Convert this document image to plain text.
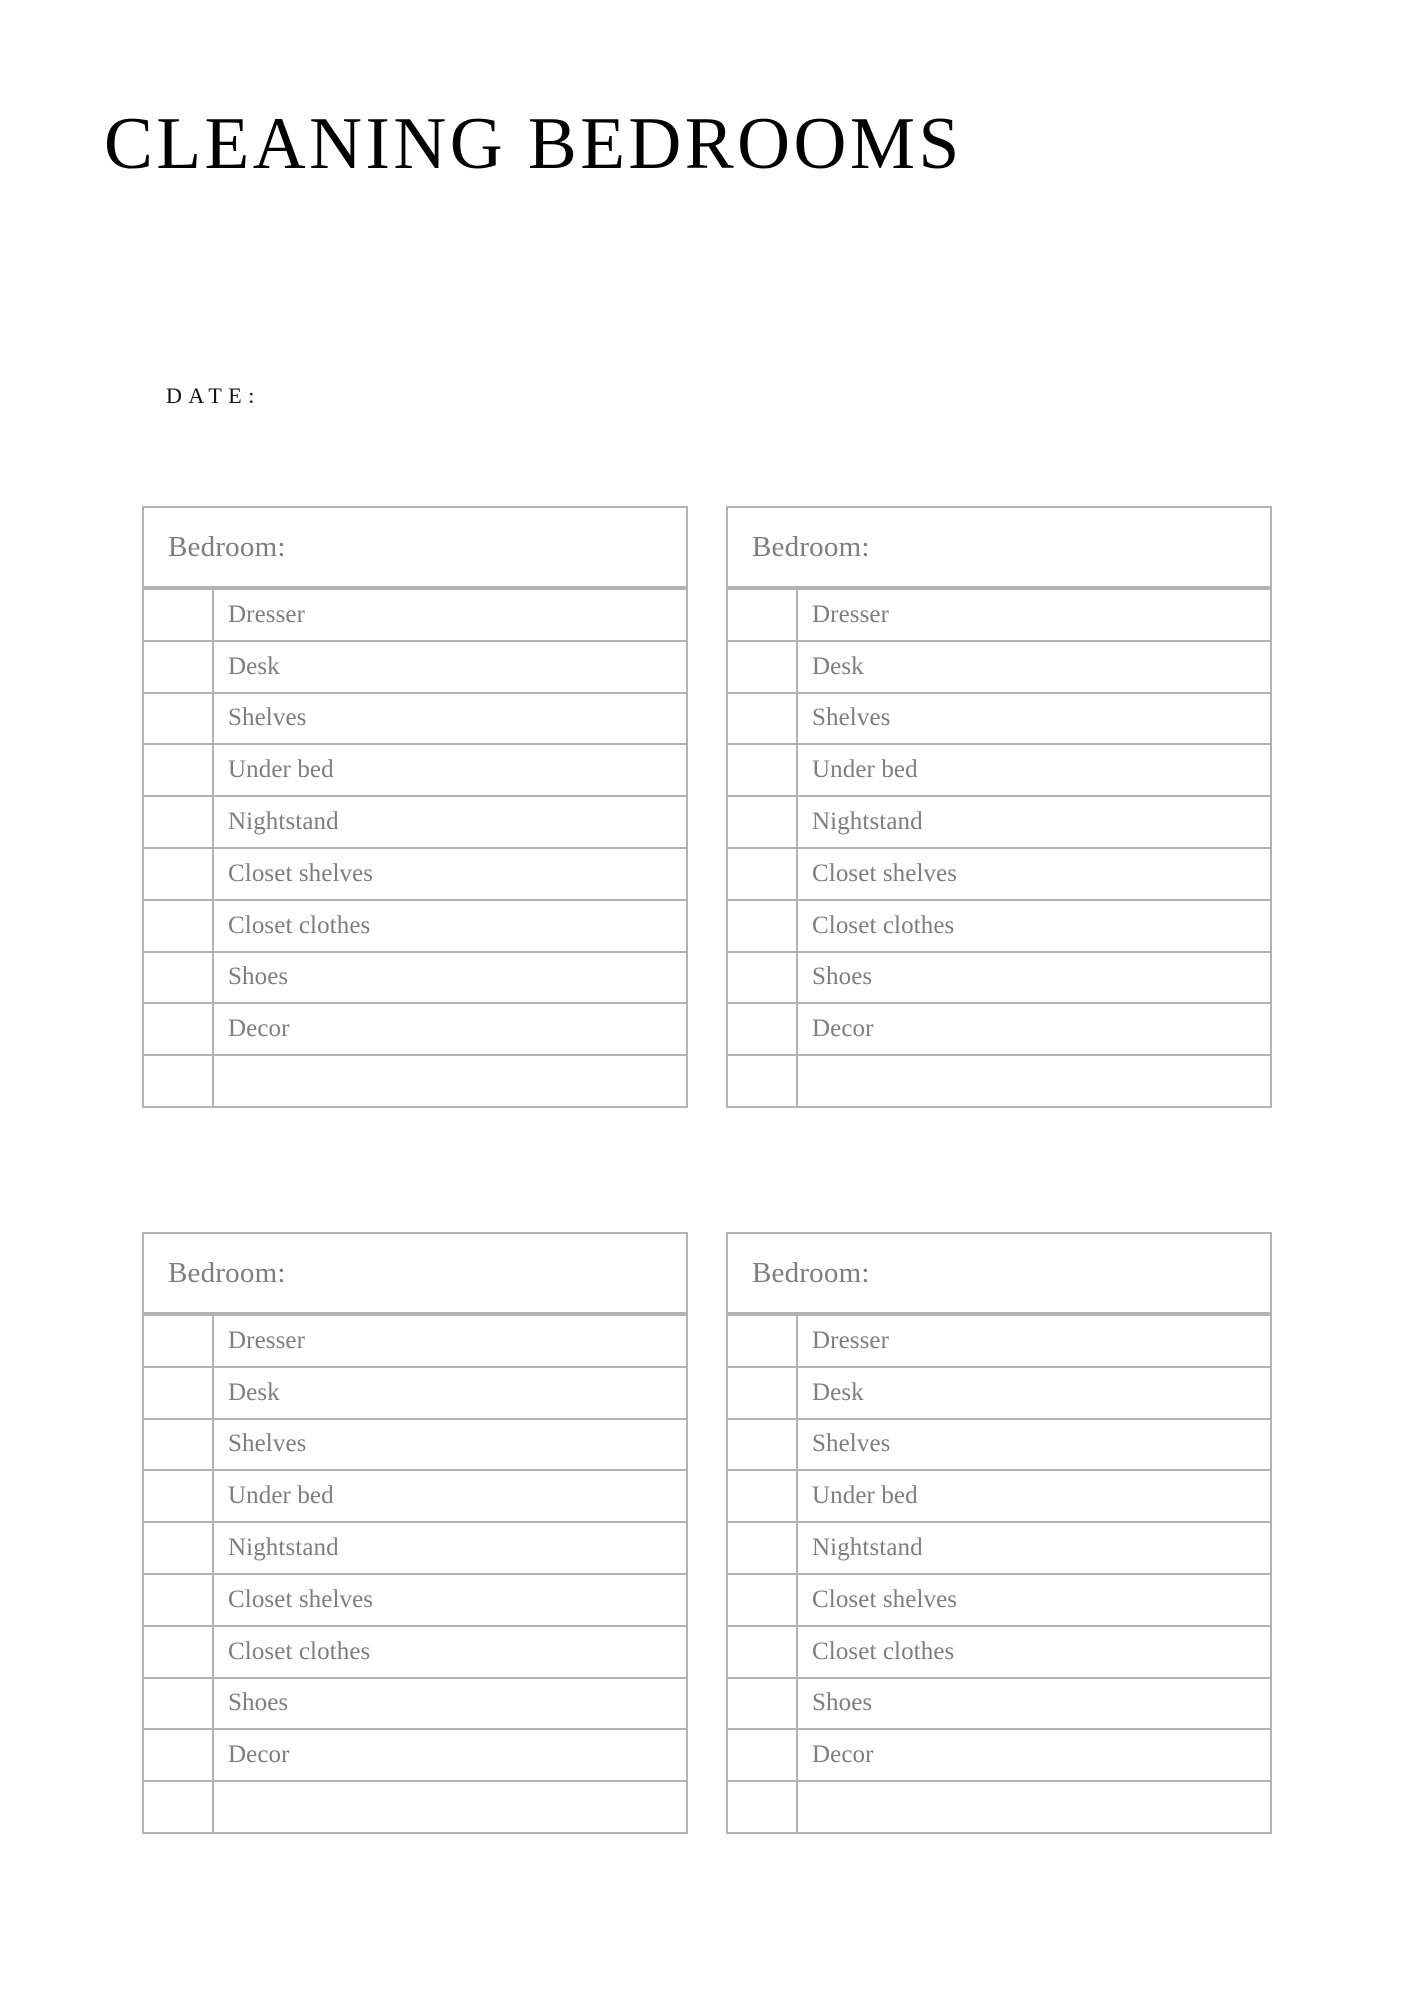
CLEANING BEDROOMS
DATE:
Bedroom:
Dresser
Desk
Shelves
Under bed
Nightstand
Closet shelves
Closet clothes
Shoes
Decor
Bedroom:
Dresser
Desk
Shelves
Under bed
Nightstand
Closet shelves
Closet clothes
Shoes
Decor
Bedroom:
Dresser
Desk
Shelves
Under bed
Nightstand
Closet shelves
Closet clothes
Shoes
Decor
Bedroom:
Dresser
Desk
Shelves
Under bed
Nightstand
Closet shelves
Closet clothes
Shoes
Decor
